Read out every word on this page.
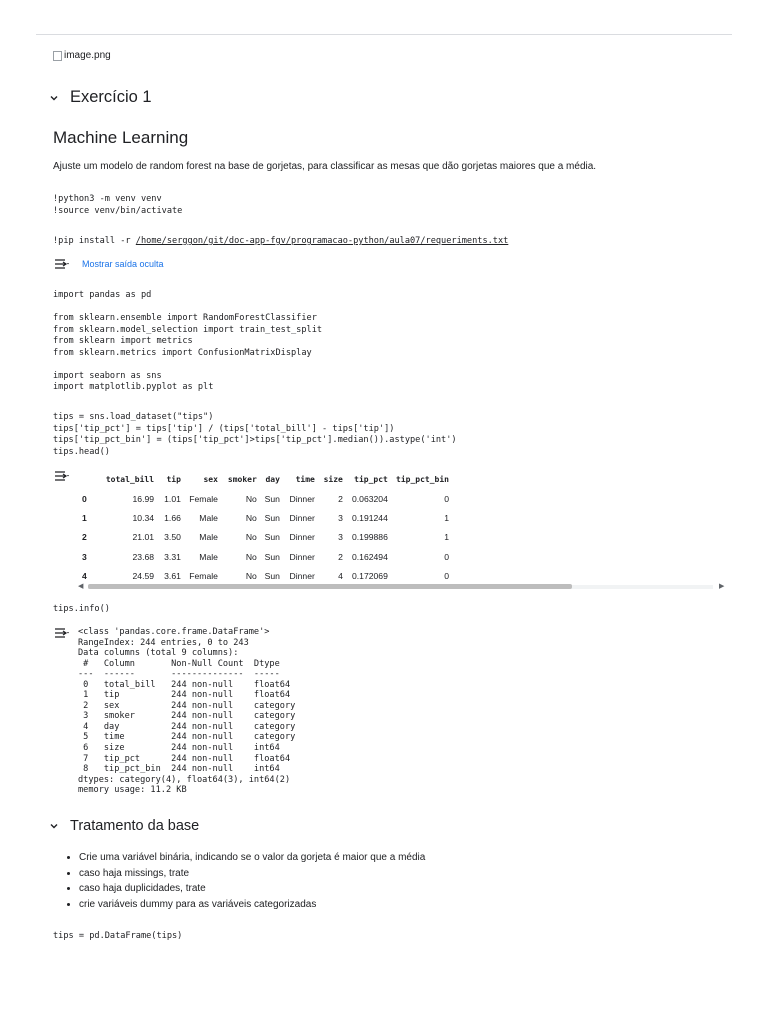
image.png
Exercício 1
Machine Learning
Ajuste um modelo de random forest na base de gorjetas, para classificar as mesas que dão gorjetas maiores que a média.
!python3 -m venv venv
!source venv/bin/activate
!pip install -r /home/serggon/git/doc-app-fgv/programacao-python/aula07/requeriments.txt
Mostrar saída oculta
import pandas as pd

from sklearn.ensemble import RandomForestClassifier
from sklearn.model_selection import train_test_split
from sklearn import metrics
from sklearn.metrics import ConfusionMatrixDisplay

import seaborn as sns
import matplotlib.pyplot as plt
tips = sns.load_dataset("tips")
tips['tip_pct'] = tips['tip'] / (tips['total_bill'] - tips['tip'])
tips['tip_pct_bin'] = (tips['tip_pct']>tips['tip_pct'].median()).astype('int')
tips.head()
	total_bill	tip	sex	smoker	day	time	size	tip_pct	tip_pct_bin
0	16.99	1.01	Female	No	Sun	Dinner	2	0.063204	0
1	10.34	1.66	Male	No	Sun	Dinner	3	0.191244	1
2	21.01	3.50	Male	No	Sun	Dinner	3	0.199886	1
3	23.68	3.31	Male	No	Sun	Dinner	2	0.162494	0
4	24.59	3.61	Female	No	Sun	Dinner	4	0.172069	0
◀	▶
tips.info()
<class 'pandas.core.frame.DataFrame'>
RangeIndex: 244 entries, 0 to 243
Data columns (total 9 columns):
#   Column       Non-Null Count  Dtype
---  ------       --------------  -----
0   total_bill   244 non-null    float64
1   tip          244 non-null    float64
2   sex          244 non-null    category
3   smoker       244 non-null    category
4   day          244 non-null    category
5   time         244 non-null    category
6   size         244 non-null    int64
7   tip_pct      244 non-null    float64
8   tip_pct_bin  244 non-null    int64
dtypes: category(4), float64(3), int64(2)
memory usage: 11.2 KB
Tratamento da base
• Crie uma variável binária, indicando se o valor da gorjeta é maior que a média
• caso haja missings, trate
• caso haja duplicidades, trate
• crie variáveis dummy para as variáveis categorizadas
tips = pd.DataFrame(tips)
